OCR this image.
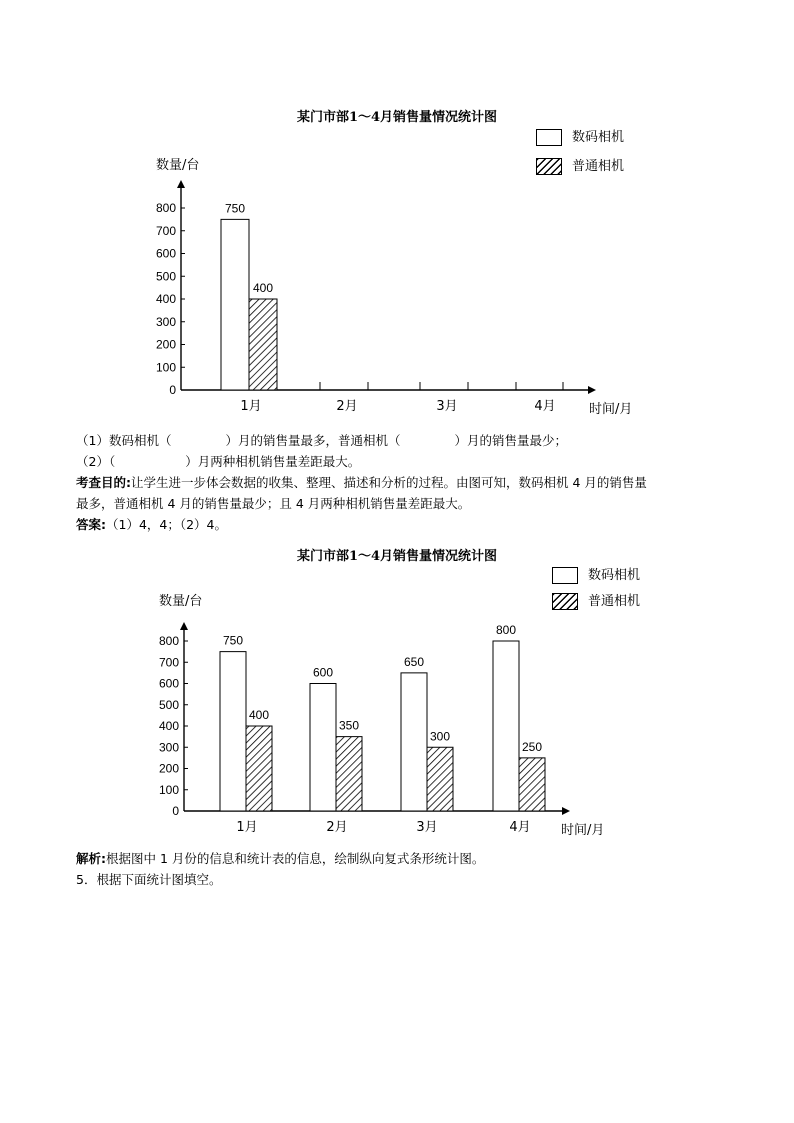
某门市部1～4月销售量情况统计图
数码相机
普通相机
数量/台
时间/月
0
100
200
300
400
500
600
700
800	750
400
1月	2月	3月	4月
（1）数码相机（	）月的销售量最多，普通相机（	）月的销售量最少；
（2）（	）月两种相机销售量差距最大。
考查目的:让学生进一步体会数据的收集、整理、描述和分析的过程。由图可知，数码相机 4 月的销售量
最多，普通相机 4 月的销售量最少；且 4 月两种相机销售量差距最大。
答案:（1）4，4；（2）4。
某门市部1～4月销售量情况统计图
数码相机
普通相机
数量/台
时间/月
0
100
200
300
400
500
600
700
800	750
600
650
800
400
350
300
250
1月	2月	3月	4月
解析:根据图中 1 月份的信息和统计表的信息，绘制纵向复式条形统计图。
5．根据下面统计图填空。
